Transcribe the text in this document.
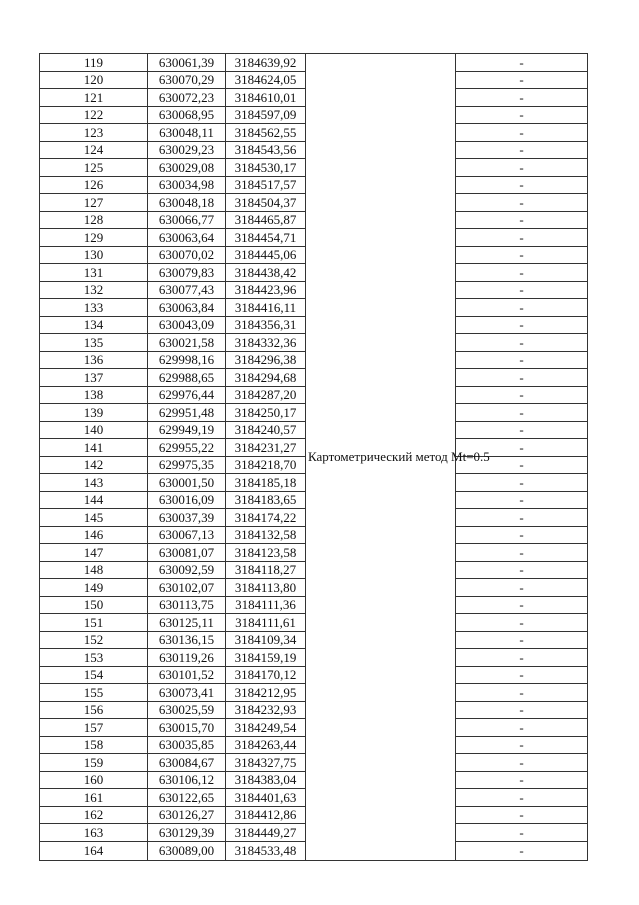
119	630061,39	3184639,92	Картометрический метод Mt=0.5	-
120	630070,29	3184624,05		-
121	630072,23	3184610,01		-
122	630068,95	3184597,09		-
123	630048,11	3184562,55		-
124	630029,23	3184543,56		-
125	630029,08	3184530,17		-
126	630034,98	3184517,57		-
127	630048,18	3184504,37		-
128	630066,77	3184465,87		-
129	630063,64	3184454,71		-
130	630070,02	3184445,06		-
131	630079,83	3184438,42		-
132	630077,43	3184423,96		-
133	630063,84	3184416,11		-
134	630043,09	3184356,31		-
135	630021,58	3184332,36		-
136	629998,16	3184296,38		-
137	629988,65	3184294,68		-
138	629976,44	3184287,20		-
139	629951,48	3184250,17		-
140	629949,19	3184240,57		-
141	629955,22	3184231,27		-
142	629975,35	3184218,70		-
143	630001,50	3184185,18		-
144	630016,09	3184183,65		-
145	630037,39	3184174,22		-
146	630067,13	3184132,58		-
147	630081,07	3184123,58		-
148	630092,59	3184118,27		-
149	630102,07	3184113,80		-
150	630113,75	3184111,36		-
151	630125,11	3184111,61		-
152	630136,15	3184109,34		-
153	630119,26	3184159,19		-
154	630101,52	3184170,12		-
155	630073,41	3184212,95		-
156	630025,59	3184232,93		-
157	630015,70	3184249,54		-
158	630035,85	3184263,44		-
159	630084,67	3184327,75		-
160	630106,12	3184383,04		-
161	630122,65	3184401,63		-
162	630126,27	3184412,86		-
163	630129,39	3184449,27		-
164	630089,00	3184533,48		-
